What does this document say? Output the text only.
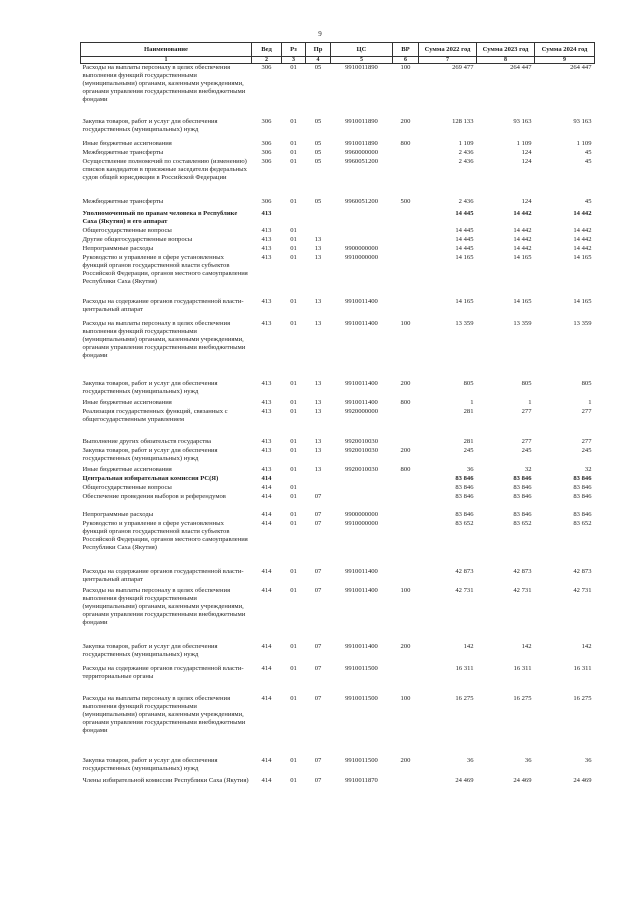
9
Наименование	Вед	Рз	Пр	ЦС	ВР	Сумма 2022 год	Сумма 2023 год	Сумма 2024 год
1	2	3	4	5	6	7	8	9
Расходы на выплаты персоналу в целях обеспечения выполнения функций государственными (муниципальными) органами, казенными учреждениями, органами управления государственными внебюджетными фондами	306	01	05	9910011890	100	269 477	264 447	264 447
Закупка товаров, работ и услуг для обеспечения государственных (муниципальных) нужд	306	01	05	9910011890	200	128 133	93 163	93 163
Иные бюджетные ассигнования	306	01	05	9910011890	800	1 109	1 109	1 109
Межбюджетные трансферты	306	01	05	9960000000		2 436	124	45
Осуществление полномочий по составлению (изменению) списков кандидатов в присяжные заседатели федеральных судов общей юрисдикции в Российской Федерации	306	01	05	9960051200		2 436	124	45
Межбюджетные трансферты	306	01	05	9960051200	500	2 436	124	45
Уполномоченный по правам человека в Республике Саха (Якутия) и его аппарат	413					14 445	14 442	14 442
Общегосударственные вопросы	413	01				14 445	14 442	14 442
Другие общегосударственные вопросы	413	01	13			14 445	14 442	14 442
Непрограммные расходы	413	01	13	9900000000		14 445	14 442	14 442
Руководство и управление в сфере установленных функций органов государственной власти субъектов Российской Федерации, органов местного самоуправления Республики Саха (Якутия)	413	01	13	9910000000		14 165	14 165	14 165
Расходы на содержание органов государственной власти- центральный аппарат	413	01	13	9910011400		14 165	14 165	14 165
Расходы на выплаты персоналу в целях обеспечения выполнения функций государственными (муниципальными) органами, казенными учреждениями, органами управления государственными внебюджетными фондами	413	01	13	9910011400	100	13 359	13 359	13 359
Закупка товаров, работ и услуг для обеспечения государственных (муниципальных) нужд	413	01	13	9910011400	200	805	805	805
Иные бюджетные ассигнования	413	01	13	9910011400	800	1	1	1
Реализация государственных функций, связанных с общегосударственным управлением	413	01	13	9920000000		281	277	277
Выполнение других обязательств государства	413	01	13	9920010030		281	277	277
Закупка товаров, работ и услуг для обеспечения государственных (муниципальных) нужд	413	01	13	9920010030	200	245	245	245
Иные бюджетные ассигнования	413	01	13	9920010030	800	36	32	32
Центральная избирательная комиссия РС(Я)	414					83 846	83 846	83 846
Общегосударственные вопросы	414	01				83 846	83 846	83 846
Обеспечение проведения выборов и референдумов	414	01	07			83 846	83 846	83 846
Непрограммные расходы	414	01	07	9900000000		83 846	83 846	83 846
Руководство и управление в сфере установленных функций органов государственной власти субъектов Российской Федерации, органов местного самоуправления Республики Саха (Якутия)	414	01	07	9910000000		83 652	83 652	83 652
Расходы на содержание органов государственной власти- центральный аппарат	414	01	07	9910011400		42 873	42 873	42 873
Расходы на выплаты персоналу в целях обеспечения выполнения функций государственными (муниципальными) органами, казенными учреждениями, органами управления государственными внебюджетными фондами	414	01	07	9910011400	100	42 731	42 731	42 731
Закупка товаров, работ и услуг для обеспечения государственных (муниципальных) нужд	414	01	07	9910011400	200	142	142	142
Расходы на содержание органов государственной власти- территориальные органы	414	01	07	9910011500		16 311	16 311	16 311
Расходы на выплаты персоналу в целях обеспечения выполнения функций государственными (муниципальными) органами, казенными учреждениями, органами управления государственными внебюджетными фондами	414	01	07	9910011500	100	16 275	16 275	16 275
Закупка товаров, работ и услуг для обеспечения государственных (муниципальных) нужд	414	01	07	9910011500	200	36	36	36
Члены избирательной комиссии Республики Саха (Якутия)	414	01	07	9910011870		24 469	24 469	24 469
